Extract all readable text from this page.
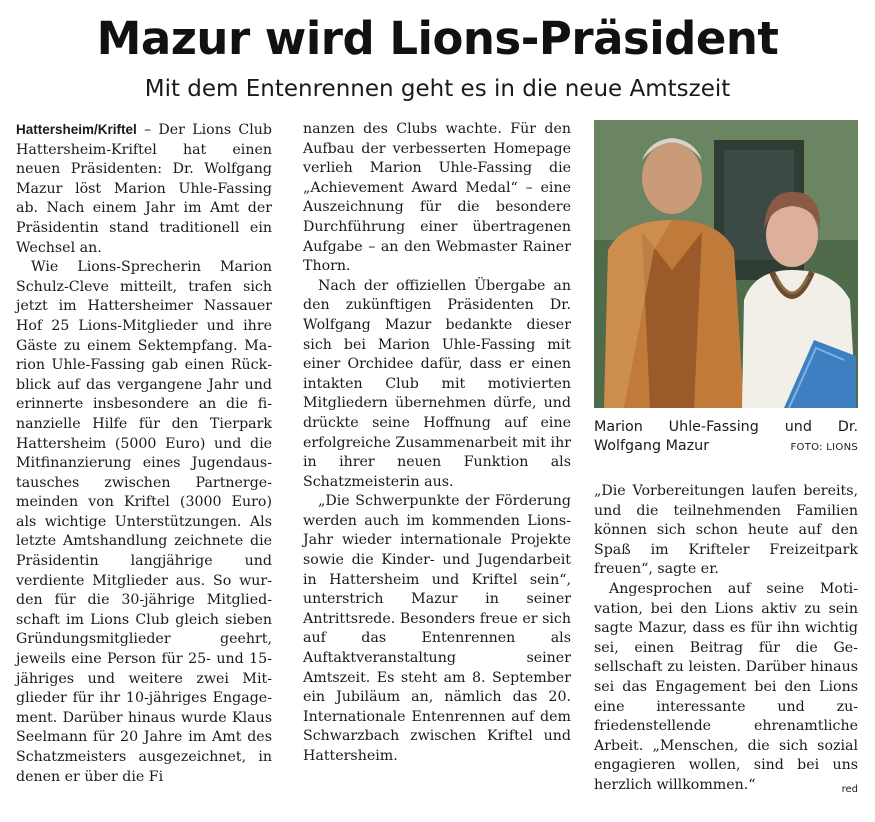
Mazur wird Lions-Präsident
Mit dem Entenrennen geht es in die neue Amtszeit

Hattersheim/Kriftel – Der Lions Club Hattersheim-Kriftel hat einen neuen Präsidenten: Dr. Wolfgang Mazur löst Marion Uhle-Fassing ab. Nach einem Jahr im Amt der Präsidentin stand traditionell ein Wechsel an.

Wie Lions-Sprecherin Marion Schulz-Cleve mitteilt, trafen sich jetzt im Hattersheimer Nassauer Hof 25 Lions-Mitglieder und ihre Gäste zu einem Sektempfang. Marion Uhle-Fassing gab einen Rückblick auf das vergangene Jahr und erinnerte insbesondere an die finanzielle Hilfe für den Tierpark Hattersheim (5000 Euro) und die Mitfinanzierung eines Jugendaustausches zwischen Partnergemeinden von Kriftel (3000 Euro) als wichtige Unterstützungen. Als letzte Amtshandlung zeichnete die Präsidentin langjährige und verdiente Mitglieder aus. So wurden für die 30-jährige Mitgliedschaft im Lions Club gleich sieben Gründungsmitglieder geehrt, jeweils eine Person für 25- und 15-jähriges und weitere zwei Mitglieder für ihr 10-jähriges Engagement. Darüber hinaus wurde Klaus Seelmann für 20 Jahre im Amt des Schatzmeisters ausgezeichnet, in denen er über die Fi

nanzen des Clubs wachte. Für den Aufbau der verbesserten Homepage verlieh Marion Uhle-Fassing die „Achievement Award Medal“ – eine Auszeichnung für die besondere Durchführung einer übertragenen Aufgabe – an den Webmaster Rainer Thorn.

Nach der offiziellen Übergabe an den zukünftigen Präsidenten Dr. Wolfgang Mazur bedankte dieser sich bei Marion Uhle-Fassing mit einer Orchidee dafür, dass er einen intakten Club mit motivierten Mitgliedern übernehmen dürfe, und drückte seine Hoffnung auf eine erfolgreiche Zusammenarbeit mit ihr in ihrer neuen Funktion als Schatzmeisterin aus.

„Die Schwerpunkte der Förderung werden auch im kommenden Lions-Jahr wieder internationale Projekte sowie die Kinder- und Jugendarbeit in Hattersheim und Kriftel sein“, unterstrich Mazur in seiner Antrittsrede. Besonders freue er sich auf das Entenrennen als Auftaktveranstaltung seiner Amtszeit. Es steht am 8. September ein Jubiläum an, nämlich das 20. Internationale Entenrennen auf dem Schwarzbach zwischen Kriftel und Hattersheim.

Marion Uhle-Fassing und Dr.
Wolfgang Mazur	FOTO: LIONS

„Die Vorbereitungen laufen bereits, und die teilnehmenden Familien können sich schon heute auf den Spaß im Krifteler Freizeitpark freuen“, sagte er.

Angesprochen auf seine Motivation, bei den Lions aktiv zu sein sagte Mazur, dass es für ihn wichtig sei, einen Beitrag für die Gesellschaft zu leisten. Darüber hinaus sei das Engagement bei den Lions eine interessante und zufriedenstellende ehrenamtliche Arbeit. „Menschen, die sich sozial engagieren wollen, sind bei uns herzlich willkommen.“	red
